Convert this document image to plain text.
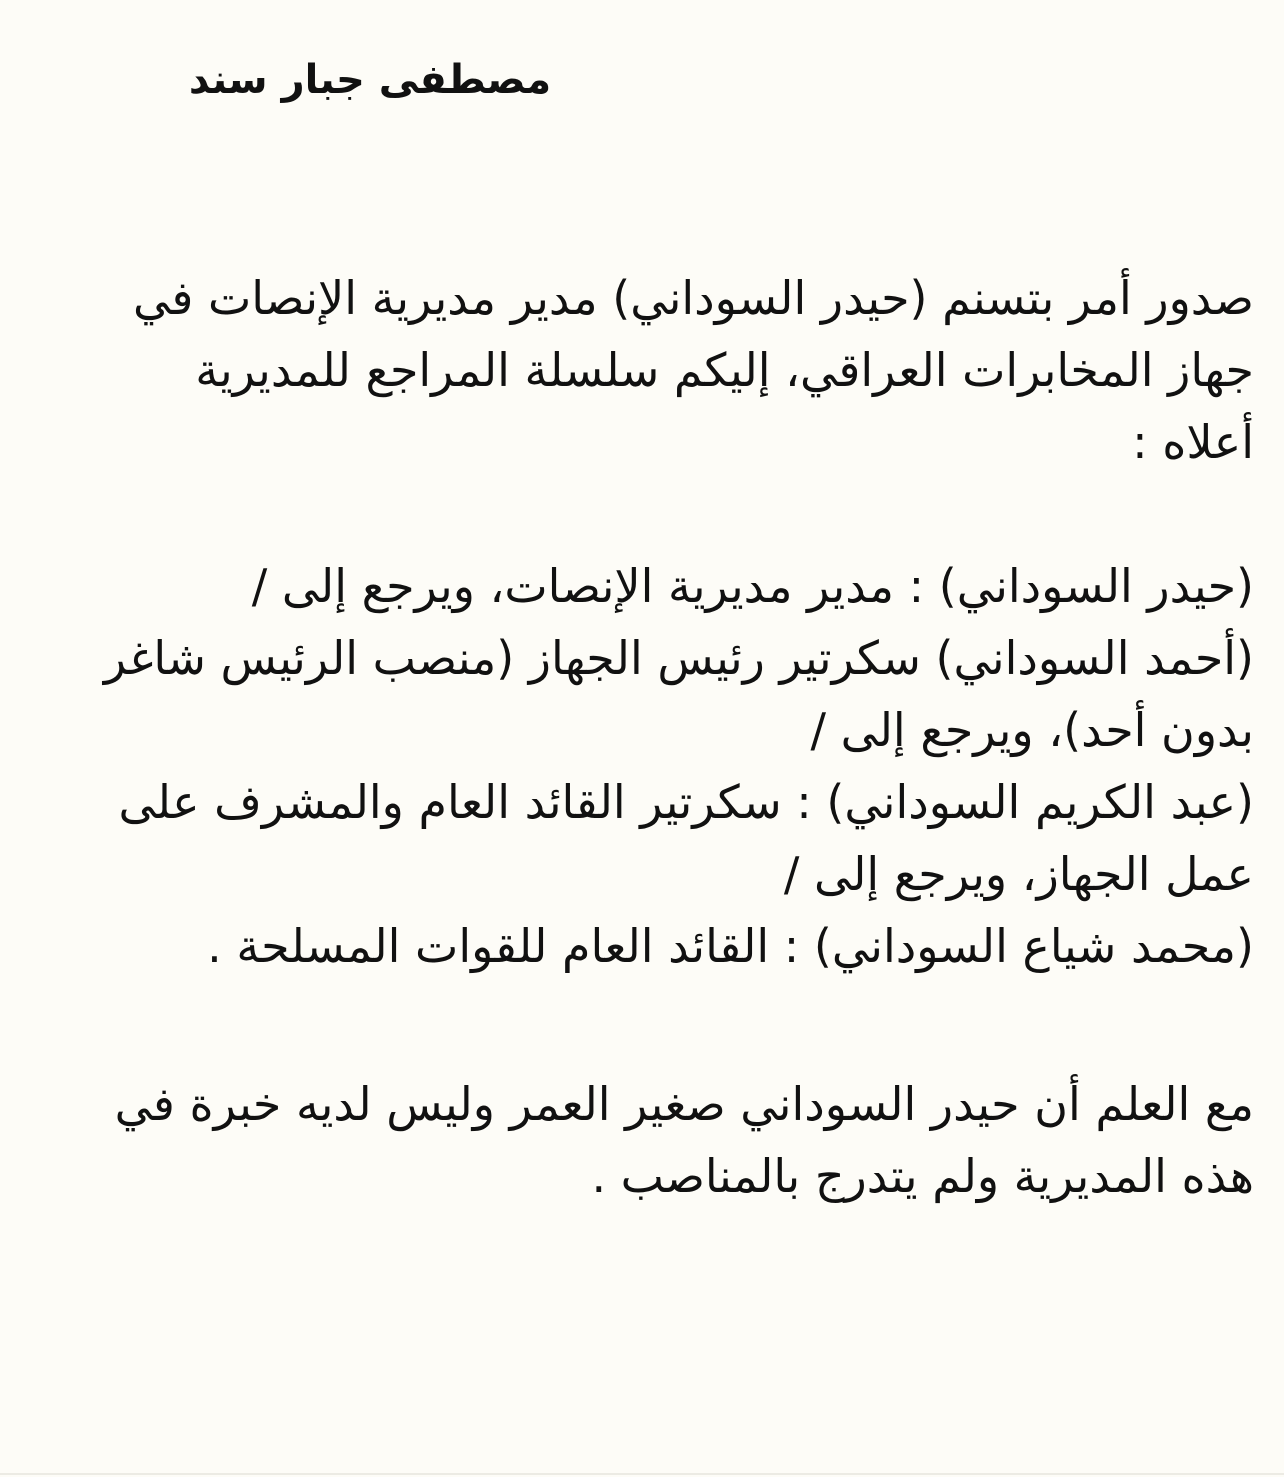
مصطفى جبار سند

صدور أمر بتسنم (حيدر السوداني) مدير مديرية الإنصات في
جهاز المخابرات العراقي، إليكم سلسلة المراجع للمديرية
أعلاه :

(حيدر السوداني) : مدير مديرية الإنصات، ويرجع إلى /
(أحمد السوداني) سكرتير رئيس الجهاز (منصب الرئيس شاغر
بدون أحد)، ويرجع إلى /
(عبد الكريم السوداني) : سكرتير القائد العام والمشرف على
عمل الجهاز، ويرجع إلى /
(محمد شياع السوداني) : القائد العام للقوات المسلحة .

مع العلم أن حيدر السوداني صغير العمر وليس لديه خبرة في
هذه المديرية ولم يتدرج بالمناصب .
